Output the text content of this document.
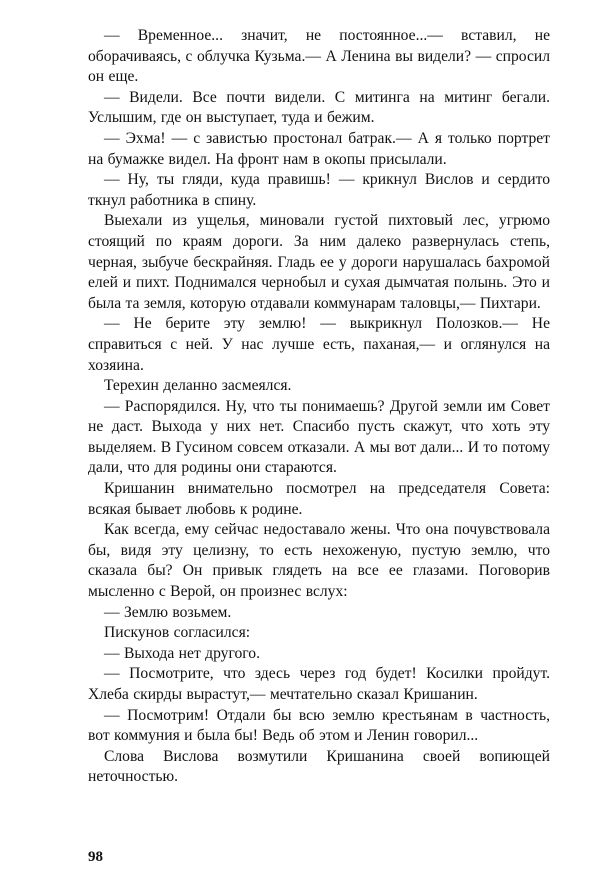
— Временное... значит, не постоянное...— вставил, не оборачиваясь, с облучка Кузьма.— А Ленина вы видели? — спросил он еще.

— Видели. Все почти видели. С митинга на митинг бегали. Услышим, где он выступает, туда и бежим.

— Эхма! — с завистью простонал батрак.— А я только портрет на бумажке видел. На фронт нам в окопы присылали.

— Ну, ты гляди, куда правишь! — крикнул Вислов и сердито ткнул работника в спину.

Выехали из ущелья, миновали густой пихтовый лес, угрюмо стоящий по краям дороги. За ним далеко развернулась степь, черная, зыбуче бескрайняя. Гладь ее у дороги нарушалась бахромой елей и пихт. Поднимался чернобыл и сухая дымчатая полынь. Это и была та земля, которую отдавали коммунарам таловцы,— Пихтари.

— Не берите эту землю! — выкрикнул Полозков.— Не справиться с ней. У нас лучше есть, паханая,— и оглянулся на хозяина.

Терехин деланно засмеялся.

— Распорядился. Ну, что ты понимаешь? Другой земли им Совет не даст. Выхода у них нет. Спасибо пусть скажут, что хоть эту выделяем. В Гусином совсем отказали. А мы вот дали... И то потому дали, что для родины они стараются.

Кришанин внимательно посмотрел на председателя Совета: всякая бывает любовь к родине.

Как всегда, ему сейчас недоставало жены. Что она почувствовала бы, видя эту целизну, то есть нехоженую, пустую землю, что сказала бы? Он привык глядеть на все ее глазами. Поговорив мысленно с Верой, он произнес вслух:

— Землю возьмем.

Пискунов согласился:

— Выхода нет другого.

— Посмотрите, что здесь через год будет! Косилки пройдут. Хлеба скирды вырастут,— мечтательно сказал Кришанин.

— Посмотрим! Отдали бы всю землю крестьянам в частность, вот коммуния и была бы! Ведь об этом и Ленин говорил...

Слова Вислова возмутили Кришанина своей вопиющей неточностью.

98
